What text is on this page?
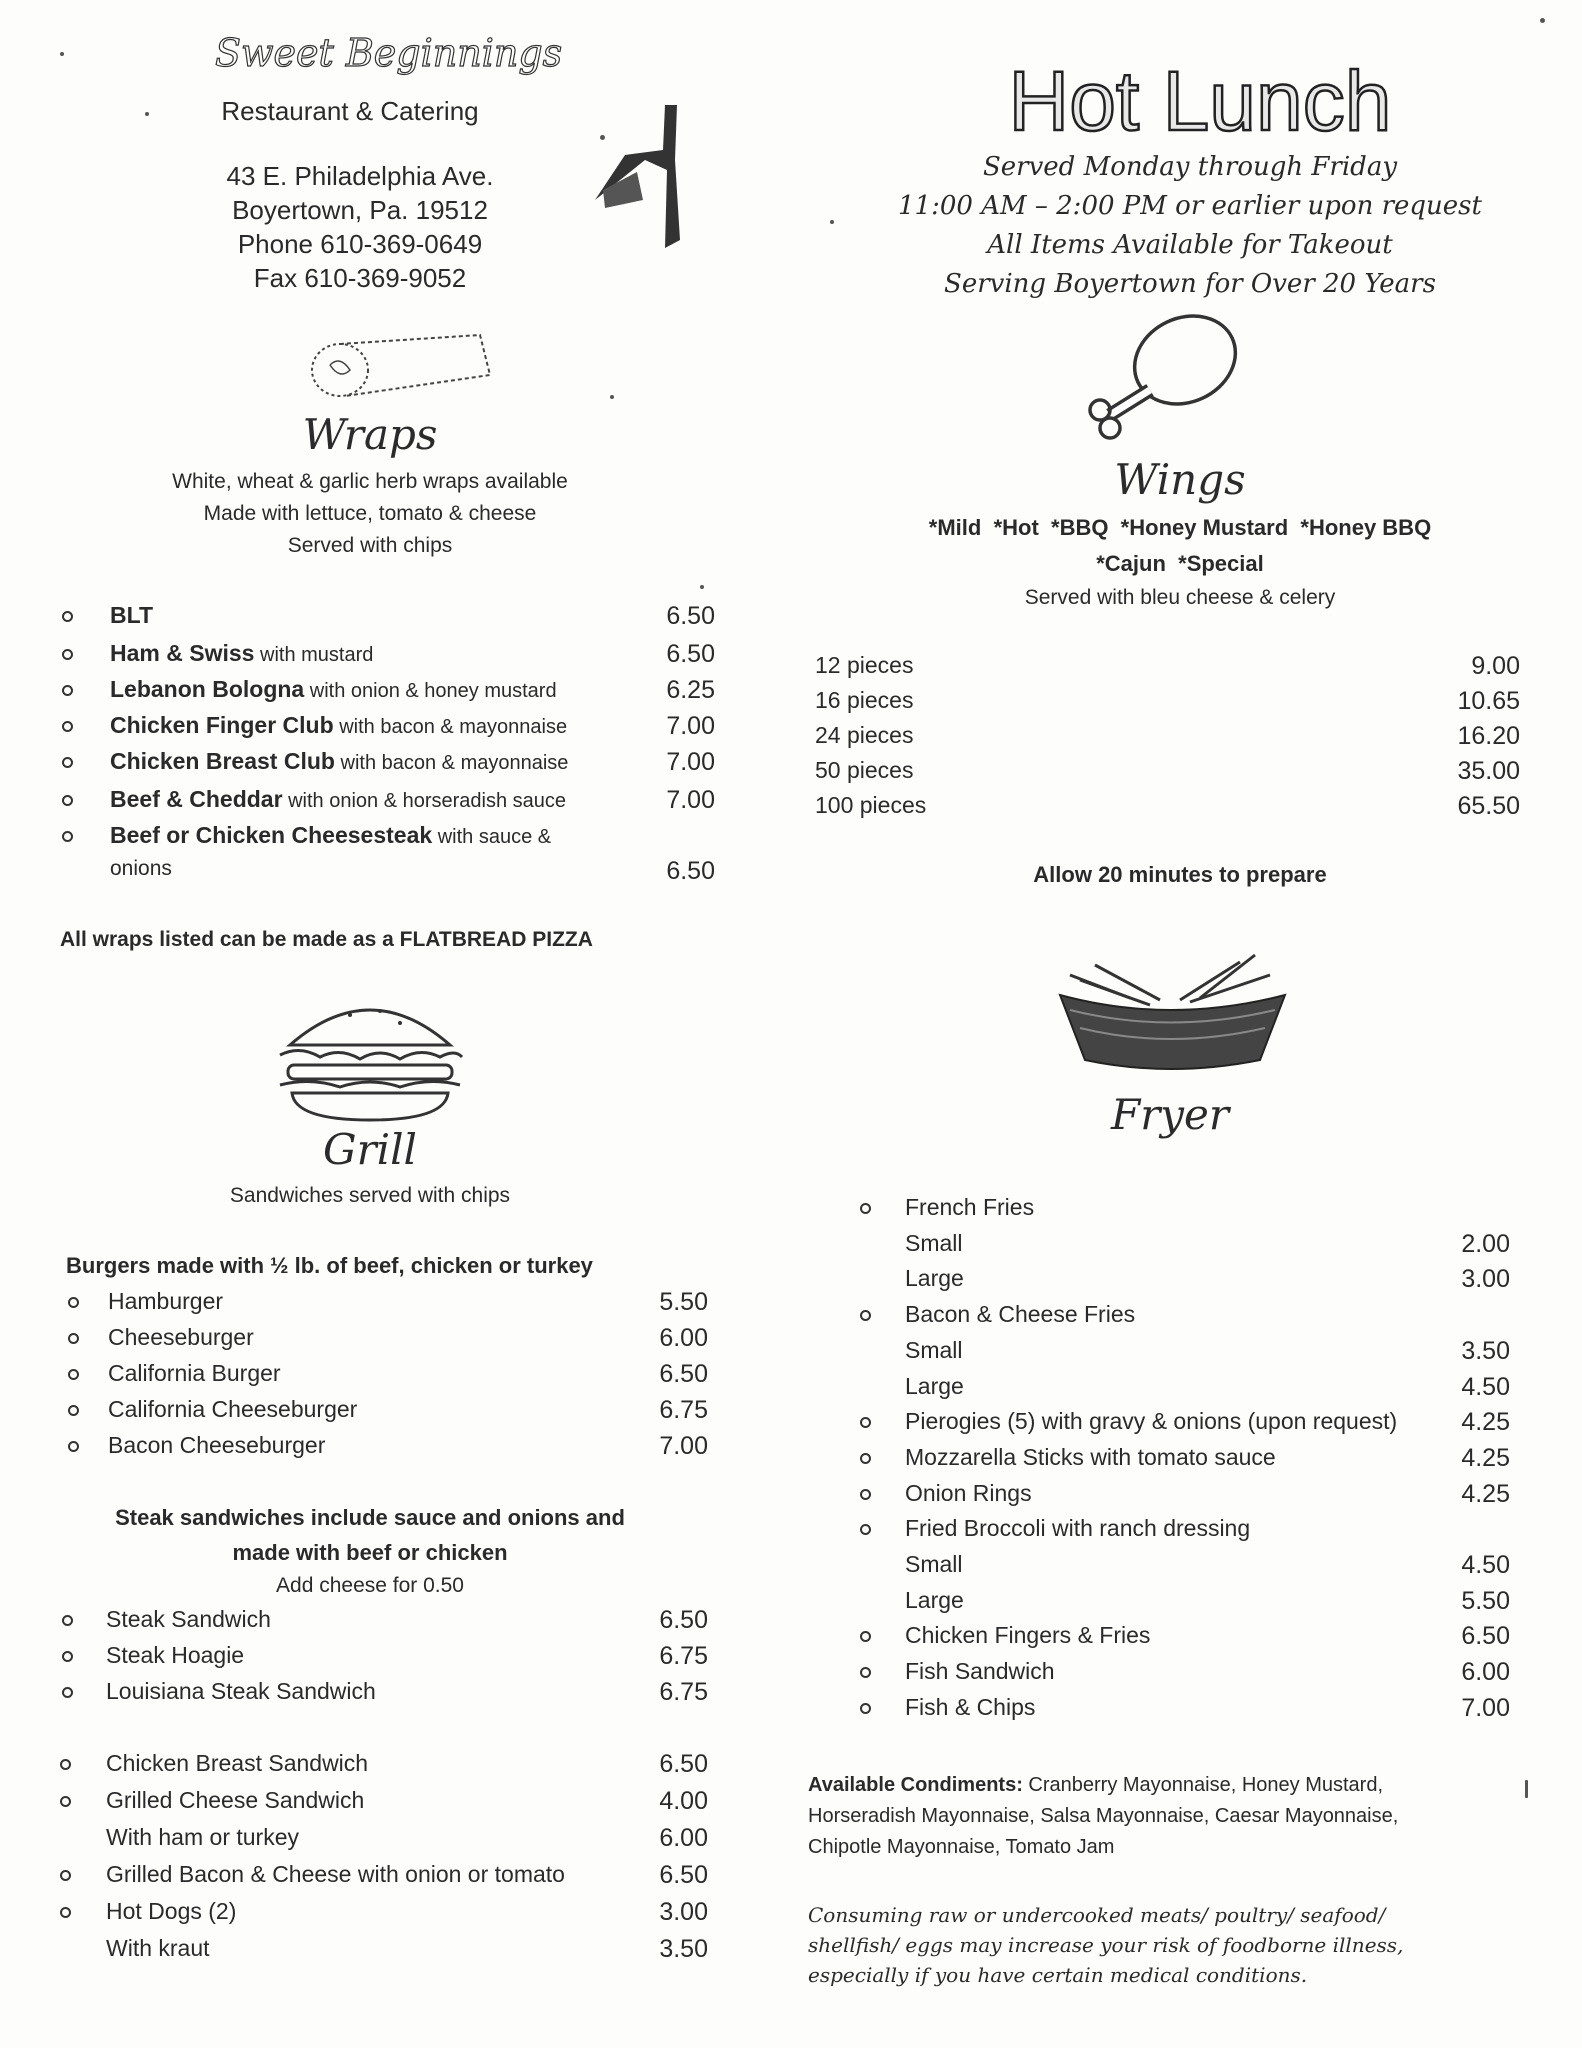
Sweet Beginnings
Restaurant & Catering
43 E. Philadelphia Ave.
Boyertown, Pa. 19512
Phone 610-369-0649
Fax 610-369-9052
Wraps
White, wheat & garlic herb wraps available
Made with lettuce, tomato & cheese
Served with chips
BLT	6.50
Ham & Swiss with mustard	6.50
Lebanon Bologna with onion & honey mustard	6.25
Chicken Finger Club with bacon & mayonnaise	7.00
Chicken Breast Club with bacon & mayonnaise	7.00
Beef & Cheddar with onion & horseradish sauce	7.00
Beef or Chicken Cheesesteak with sauce &
onions	6.50
All wraps listed can be made as a FLATBREAD PIZZA
Grill
Sandwiches served with chips
Burgers made with ½ lb. of beef, chicken or turkey
Hamburger	5.50
Cheeseburger	6.00
California Burger	6.50
California Cheeseburger	6.75
Bacon Cheeseburger	7.00
Steak sandwiches include sauce and onions and
made with beef or chicken
Add cheese for 0.50
Steak Sandwich	6.50
Steak Hoagie	6.75
Louisiana Steak Sandwich	6.75
Chicken Breast Sandwich	6.50
Grilled Cheese Sandwich	4.00
With ham or turkey	6.00
Grilled Bacon & Cheese with onion or tomato	6.50
Hot Dogs (2)	3.00
With kraut	3.50
Hot Lunch
Served Monday through Friday
11:00 AM – 2:00 PM or earlier upon request
All Items Available for Takeout
Serving Boyertown for Over 20 Years
Wings
*Mild  *Hot  *BBQ  *Honey Mustard  *Honey BBQ
*Cajun  *Special
Served with bleu cheese & celery
12 pieces	9.00
16 pieces	10.65
24 pieces	16.20
50 pieces	35.00
100 pieces	65.50
Allow 20 minutes to prepare
Fryer
French Fries
Small	2.00
Large	3.00
Bacon & Cheese Fries
Small	3.50
Large	4.50
Pierogies (5) with gravy & onions (upon request)	4.25
Mozzarella Sticks with tomato sauce	4.25
Onion Rings	4.25
Fried Broccoli with ranch dressing
Small	4.50
Large	5.50
Chicken Fingers & Fries	6.50
Fish Sandwich	6.00
Fish & Chips	7.00
Available Condiments: Cranberry Mayonnaise, Honey Mustard,
Horseradish Mayonnaise, Salsa Mayonnaise, Caesar Mayonnaise,
Chipotle Mayonnaise, Tomato Jam
Consuming raw or undercooked meats/ poultry/ seafood/
shellfish/ eggs may increase your risk of foodborne illness,
especially if you have certain medical conditions.
